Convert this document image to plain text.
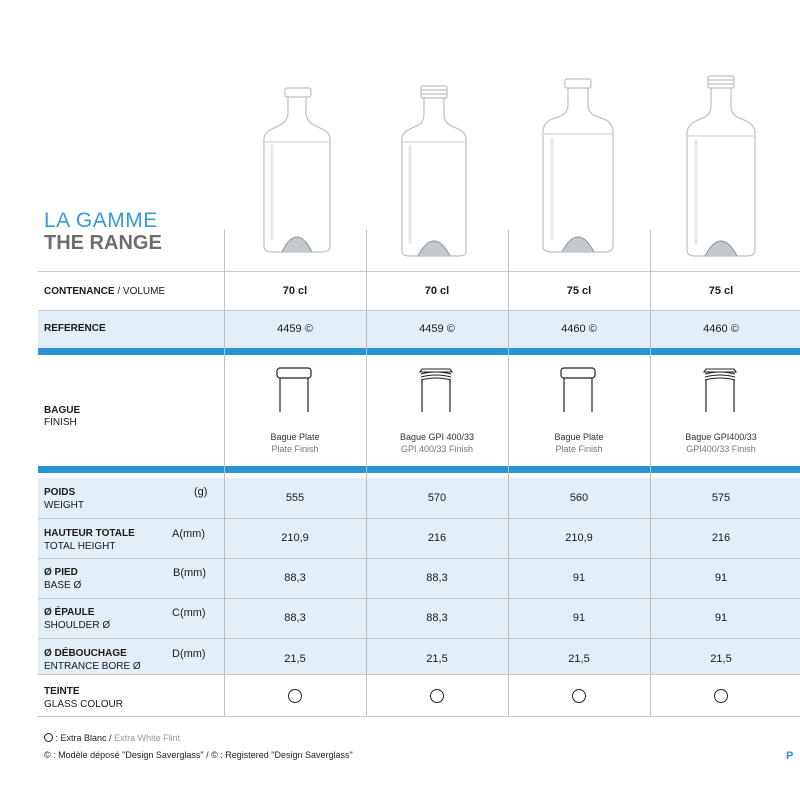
LA GAMME
THE RANGE
CONTENANCE / VOLUME
REFERENCE
BAGUE
FINISH
POIDS
WEIGHT
(g)
HAUTEUR TOTALE
TOTAL HEIGHT
A(mm)
Ø PIED
BASE Ø
B(mm)
Ø ÉPAULE
SHOULDER Ø
C(mm)
Ø DÉBOUCHAGE
ENTRANCE BORE Ø
D(mm)
TEINTE
GLASS COLOUR
70 cl
4459 ©
Bague Plate
Plate Finish
555
210,9
88,3
88,3
21,5
70 cl
4459 ©
Bague GPI 400/33
GPI 400/33 Finish
570
216
88,3
88,3
21,5
75 cl
4460 ©
Bague Plate
Plate Finish
560
210,9
91
91
21,5
75 cl
4460 ©
Bague GPI400/33
GPI400/33 Finish
575
216
91
91
21,5
: Extra Blanc / Extra White Flint
© : Modèle déposé "Design Saverglass" / © : Registered "Design Saverglass"	P
